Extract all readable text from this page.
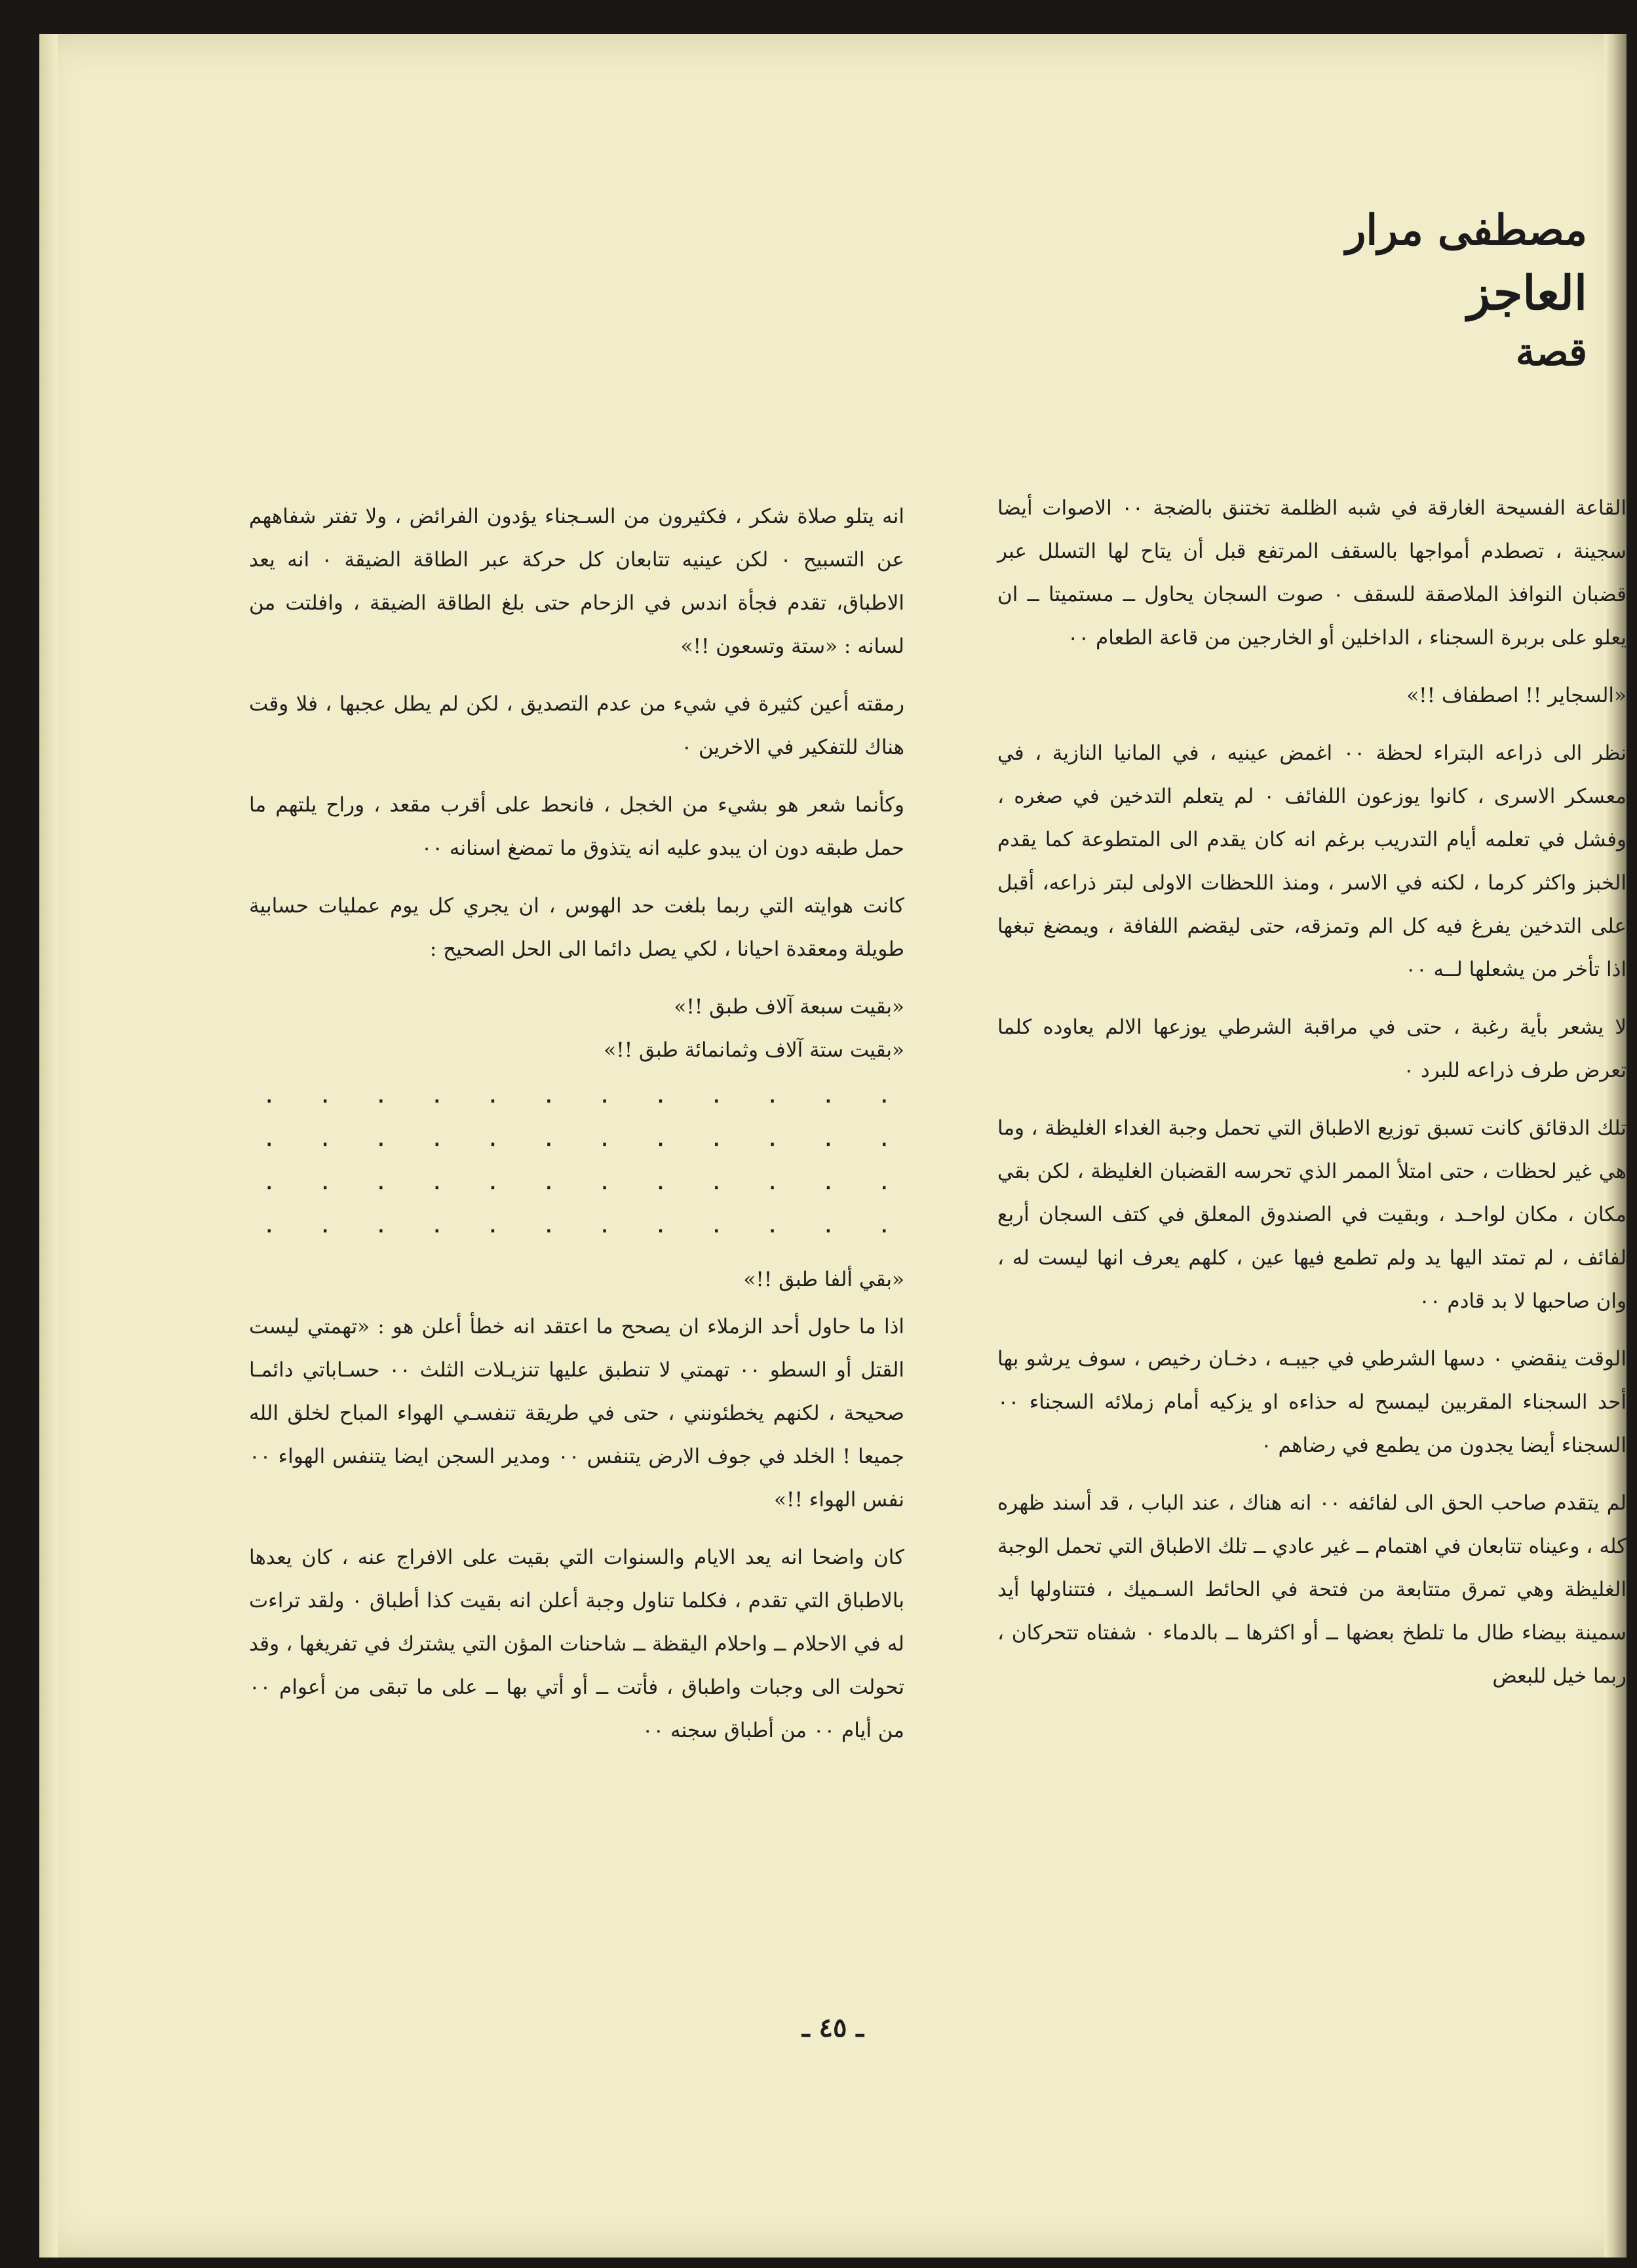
مصطفى مرار
العاجز
قصة

القاعة الفسيحة الغارقة في شبه الظلمة تختنق بالضجة ٠٠ الاصوات أيضا سجينة ، تصطدم أمواجها بالسقف المرتفع قبل أن يتاح لها التسلل عبر قضبان النوافذ الملاصقة للسقف ٠ صوت السجان يحاول ــ مستميتا ــ ان يعلو على بربرة السجناء ، الداخلين أو الخارجين من قاعة الطعام ٠٠

«السجاير !! اصطفاف !!»

نظر الى ذراعه البتراء لحظة ٠٠ اغمض عينيه ، في المانيا النازية ، في معسكر الاسرى ، كانوا يوزعون اللفائف ٠ لم يتعلم التدخين في صغره ، وفشل في تعلمه أيام التدريب برغم انه كان يقدم الى المتطوعة كما يقدم الخبز واكثر كرما ، لكنه في الاسر ، ومنذ اللحظات الاولى لبتر ذراعه، أقبل على التدخين يفرغ فيه كل الم وتمزقه، حتى ليقضم اللفافة ، ويمضغ تبغها اذا تأخر من يشعلها لــه ٠٠

لا يشعر بأية رغبة ، حتى في مراقبة الشرطي يوزعها الالم يعاوده كلما تعرض طرف ذراعه للبرد ٠

تلك الدقائق كانت تسبق توزيع الاطباق التي تحمل وجبة الغداء الغليظة ، وما هي غير لحظات ، حتى امتلأ الممر الذي تحرسه القضبان الغليظة ، لكن بقي مكان ، مكان لواحـد ، وبقيت في الصندوق المعلق في كتف السجان أربع لفائف ، لم تمتد اليها يد ولم تطمع فيها عين ، كلهم يعرف انها ليست له ، وان صاحبها لا بد قادم ٠٠

الوقت ينقضي ٠ دسها الشرطي في جيبـه ، دخـان رخيص ، سوف يرشو بها أحد السجناء المقربين ليمسح له حذاءه او يزكيه أمام زملائه السجناء ٠٠ السجناء أيضا يجدون من يطمع في رضاهم ٠

لم يتقدم صاحب الحق الى لفائفه ٠٠ انه هناك ، عند الباب ، قد أسند ظهره كله ، وعيناه تتابعان في اهتمام ــ غير عادي ــ تلك الاطباق التي تحمل الوجبة الغليظة وهي تمرق متتابعة من فتحة في الحائط السـميك ، فتتناولها أيد سمينة بيضاء طال ما تلطخ بعضها ــ أو اكثرها ــ بالدماء ٠ شفتاه تتحركان ، ربما خيل للبعض

انه يتلو صلاة شكر ، فكثيرون من السـجناء يؤدون الفرائض ، ولا تفتر شفاههم عن التسبيح ٠ لكن عينيه تتابعان كل حركة عبر الطاقة الضيقة ٠ انه يعد الاطباق، تقدم فجأة اندس في الزحام حتى بلغ الطاقة الضيقة ، وافلتت من لسانه : «ستة وتسعون !!»

رمقته أعين كثيرة في شيء من عدم التصديق ، لكن لم يطل عجبها ، فلا وقت هناك للتفكير في الاخرين ٠

وكأنما شعر هو بشيء من الخجل ، فانحط على أقرب مقعد ، وراح يلتهم ما حمل طبقه دون ان يبدو عليه انه يتذوق ما تمضغ اسنانه ٠٠

كانت هوايته التي ربما بلغت حد الهوس ، ان يجري كل يوم عمليات حسابية طويلة ومعقدة احيانا ، لكي يصل دائما الى الحل الصحيح :

«بقيت سبعة آلاف طبق !!»

«بقيت ستة آلاف وثمانمائة طبق !!»

٠ ٠ ٠ ٠ ٠ ٠ ٠ ٠ ٠ ٠ ٠ ٠
٠ ٠ ٠ ٠ ٠ ٠ ٠ ٠ ٠ ٠ ٠ ٠
٠ ٠ ٠ ٠ ٠ ٠ ٠ ٠ ٠ ٠ ٠ ٠
٠ ٠ ٠ ٠ ٠ ٠ ٠ ٠ ٠ ٠ ٠ ٠

«بقي ألفا طبق !!»

اذا ما حاول أحد الزملاء ان يصحح ما اعتقد انه خطأ أعلن هو : «تهمتي ليست القتل أو السطو ٠٠ تهمتي لا تنطبق عليها تنزيـلات الثلث ٠٠ حسـاباتي دائمـا صحيحة ، لكنهم يخطئونني ، حتى في طريقة تنفسـي الهواء المباح لخلق الله جميعا ! الخلد في جوف الارض يتنفس ٠٠ ومدير السجن ايضا يتنفس الهواء ٠٠ نفس الهواء !!»

كان واضحا انه يعد الايام والسنوات التي بقيت على الافراج عنه ، كان يعدها بالاطباق التي تقدم ، فكلما تناول وجبة أعلن انه بقيت كذا أطباق ٠ ولقد تراءت له في الاحلام ــ واحلام اليقظة ــ شاحنات المؤن التي يشترك في تفريغها ، وقد تحولت الى وجبات واطباق ، فأتت ــ أو أتي بها ــ على ما تبقى من أعوام ٠٠ من أيام ٠٠ من أطباق سجنه ٠٠

ـ ٤٥ ـ
